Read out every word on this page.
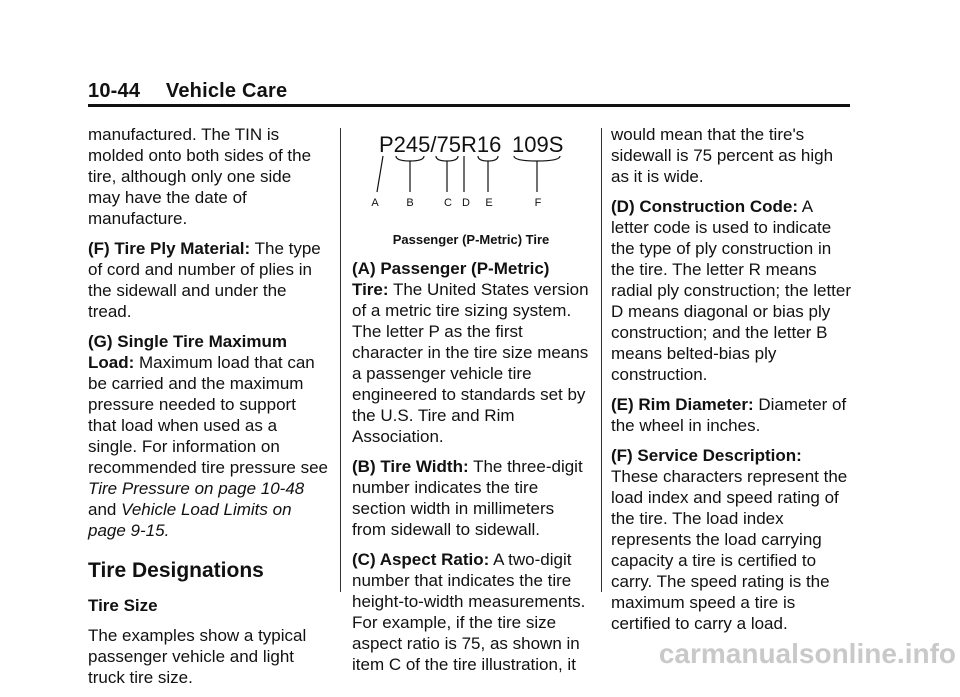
10-44 Vehicle Care

manufactured. The TIN is molded onto both sides of the tire, although only one side may have the date of manufacture.

(F) Tire Ply Material: The type of cord and number of plies in the sidewall and under the tread.

(G) Single Tire Maximum Load: Maximum load that can be carried and the maximum pressure needed to support that load when used as a single. For information on recommended tire pressure see Tire Pressure on page 10-48 and Vehicle Load Limits on page 9-15.

Tire Designations
Tire Size

The examples show a typical passenger vehicle and light truck tire size.

P245/75R16 109S
A	B	C D E	F
Passenger (P-Metric) Tire

(A) Passenger (P-Metric) Tire: The United States version of a metric tire sizing system. The letter P as the first character in the tire size means a passenger vehicle tire engineered to standards set by the U.S. Tire and Rim Association.

(B) Tire Width: The three-digit number indicates the tire section width in millimeters from sidewall to sidewall.

(C) Aspect Ratio: A two-digit number that indicates the tire height-to-width measurements. For example, if the tire size aspect ratio is 75, as shown in item C of the tire illustration, it

would mean that the tire's sidewall is 75 percent as high as it is wide.

(D) Construction Code: A letter code is used to indicate the type of ply construction in the tire. The letter R means radial ply construction; the letter D means diagonal or bias ply construction; and the letter B means belted-bias ply construction.

(E) Rim Diameter: Diameter of the wheel in inches.

(F) Service Description: These characters represent the load index and speed rating of the tire. The load index represents the load carrying capacity a tire is certified to carry. The speed rating is the maximum speed a tire is certified to carry a load.

carmanualsonline.info
